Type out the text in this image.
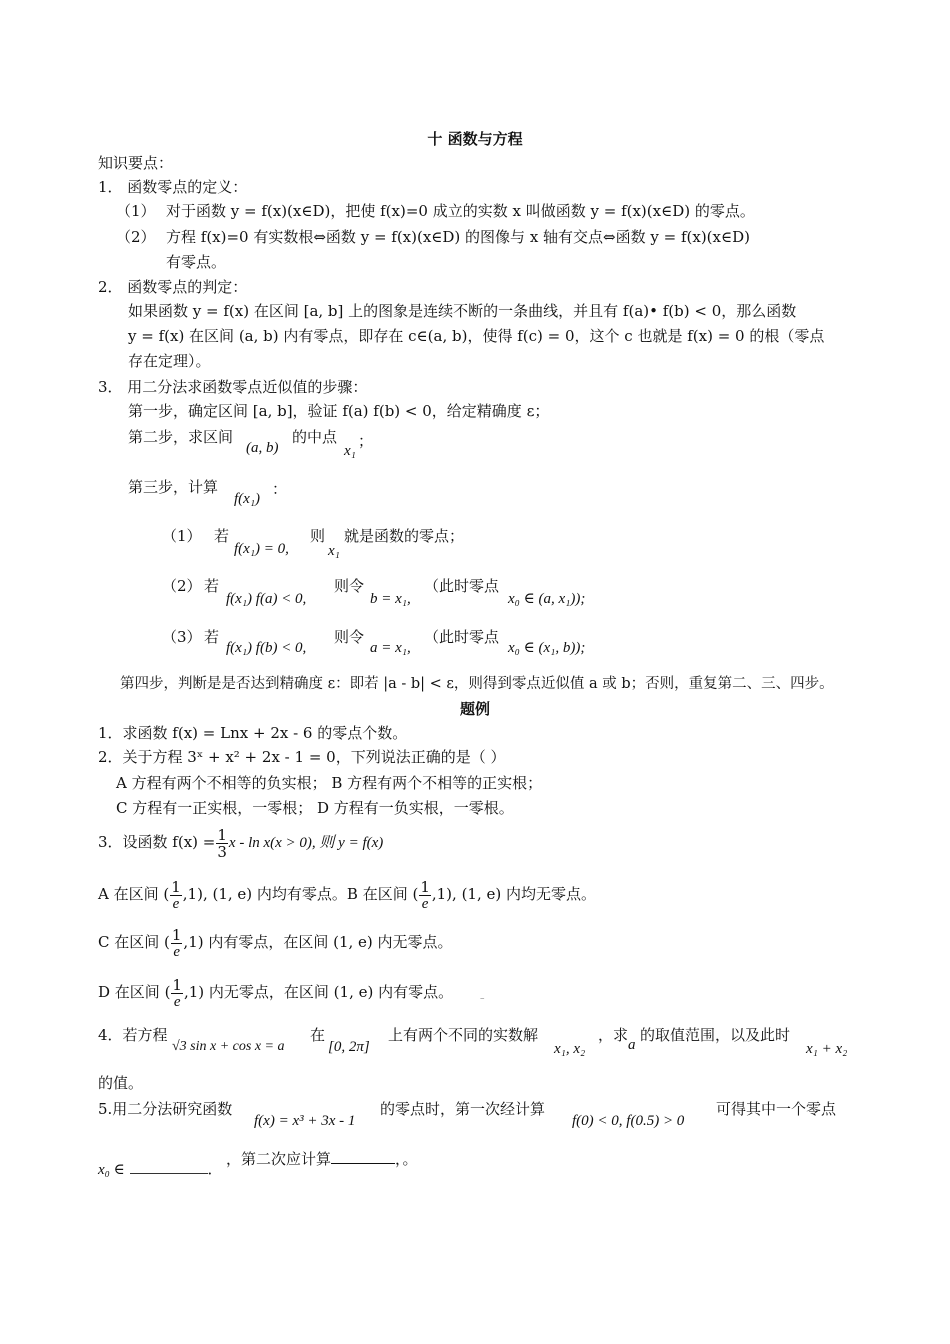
十 函数与方程
知识要点：
1． 函数零点的定义：
（1） 对于函数 y = f(x)(x∈D)，把使 f(x)=0 成立的实数 x 叫做函数 y = f(x)(x∈D) 的零点。
（2） 方程 f(x)=0 有实数根⇔函数 y = f(x)(x∈D) 的图像与 x 轴有交点⇔函数 y = f(x)(x∈D)
有零点。
2． 函数零点的判定：
如果函数 y = f(x) 在区间 [a, b] 上的图象是连续不断的一条曲线，并且有 f(a)• f(b) < 0，那么函数
y = f(x) 在区间 (a, b) 内有零点，即存在 c∈(a, b)，使得 f(c) = 0，这个 c 也就是 f(x) = 0 的根（零点
存在定理）。
3． 用二分法求函数零点近似值的步骤：
第一步，确定区间 [a, b]，验证 f(a) f(b) < 0，给定精确度 ε；
第二步，求区间
(a, b)
的中点
x₁
；
第三步，计算
f(x₁)
：
（1） 若
f(x₁) = 0,
则
x₁
就是函数的零点；
（2） 若
f(x₁) f(a) < 0,
则令
b = x₁,
（此时零点
x₀ ∈ (a, x₁));
（3） 若
f(x₁) f(b) < 0,
则令
a = x₁,
（此时零点
x₀ ∈ (x₁, b));
第四步，判断是是否达到精确度 ε：即若 |a - b| < ε，则得到零点近似值 a 或 b；否则，重复第二、三、四步。
题例
1．求函数 f(x) = Lnx + 2x - 6 的零点个数。
2．关于方程 3ˣ + x² + 2x - 1 = 0，下列说法正确的是（ ）
A 方程有两个不相等的负实根； B 方程有两个不相等的正实根；
C 方程有一正实根，一零根； D 方程有一负实根，一零根。
3．设函数 $f(x) = \frac{1}{3}$ x - ln x(x > 0), 则 y = f(x)
A 在区间 ( $\frac{1}{e} ,1$), (1, e) 内均有零点。B 在区间 ( $\frac{1}{e} ,1$), (1, e) 内均无零点。
C 在区间 ( $\frac{1}{e} ,1$) 内有零点，在区间 (1, e) 内无零点。
D 在区间 ( $\frac{1}{e} ,1$) 内无零点，在区间 (1, e) 内有零点。	–
4．若方程
√3 sin x + cos x = a
在
[0, 2π]
上有两个不同的实数解
x₁, x₂
，求
a
的取值范围，以及此时
x₁ + x₂
的值。
5.用二分法研究函数
f(x) = x³ + 3x - 1
的零点时，第一次经计算
f(0) < 0, f(0.5) > 0
可得其中一个零点
x₀ ∈	．
，第二次应计算	，。
